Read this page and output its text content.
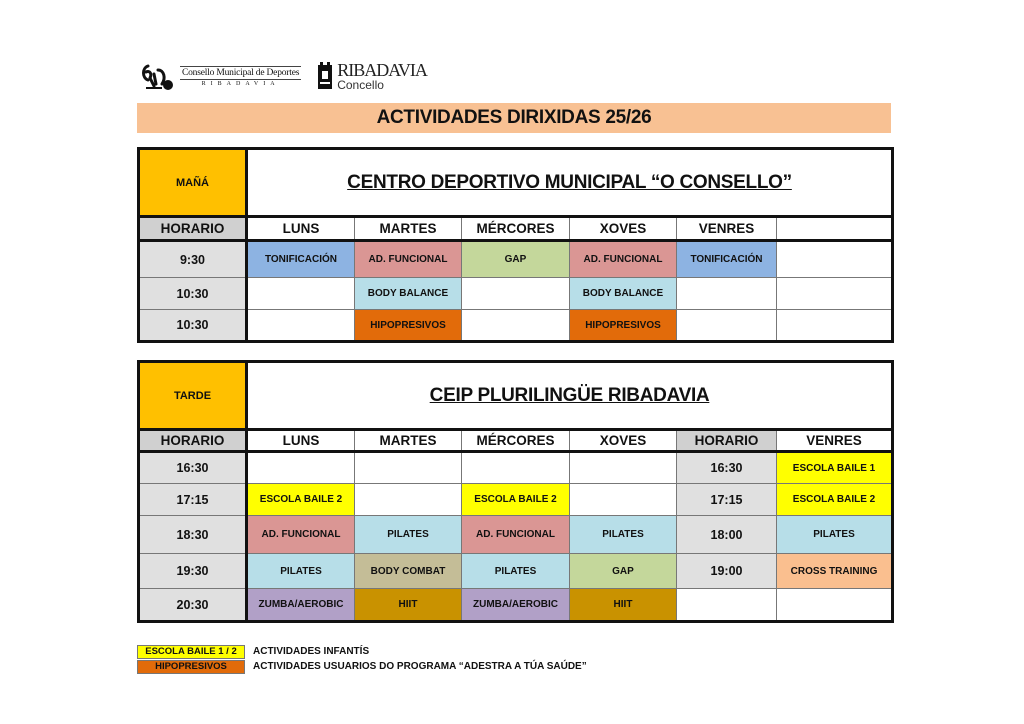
Consello Municipal de Deportes
RIBADAVIA
RIBADAVIA
Concello
ACTIVIDADES DIRIXIDAS 25/26
MAÑÁ	CENTRO DEPORTIVO MUNICIPAL “O CONSELLO”					
HORARIO	LUNS	MARTES	MÉRCORES	XOVES	VENRES	
9:30	TONIFICACIÓN	AD. FUNCIONAL	GAP	AD. FUNCIONAL	TONIFICACIÓN	
10:30		BODY BALANCE		BODY BALANCE		
10:30		HIPOPRESIVOS		HIPOPRESIVOS		
TARDE	CEIP PLURILINGÜE RIBADAVIA					
HORARIO	LUNS	MARTES	MÉRCORES	XOVES	HORARIO	VENRES
16:30					16:30	ESCOLA BAILE 1
17:15	ESCOLA BAILE 2		ESCOLA BAILE 2		17:15	ESCOLA BAILE 2
18:30	AD. FUNCIONAL	PILATES	AD. FUNCIONAL	PILATES	18:00	PILATES
19:30	PILATES	BODY COMBAT	PILATES	GAP	19:00	CROSS TRAINING
20:30	ZUMBA/AEROBIC	HIIT	ZUMBA/AEROBIC	HIIT		
ESCOLA BAILE 1 / 2	ACTIVIDADES INFANTÍS
HIPOPRESIVOS	ACTIVIDADES USUARIOS DO PROGRAMA “ADESTRA A TÚA SAÚDE”
